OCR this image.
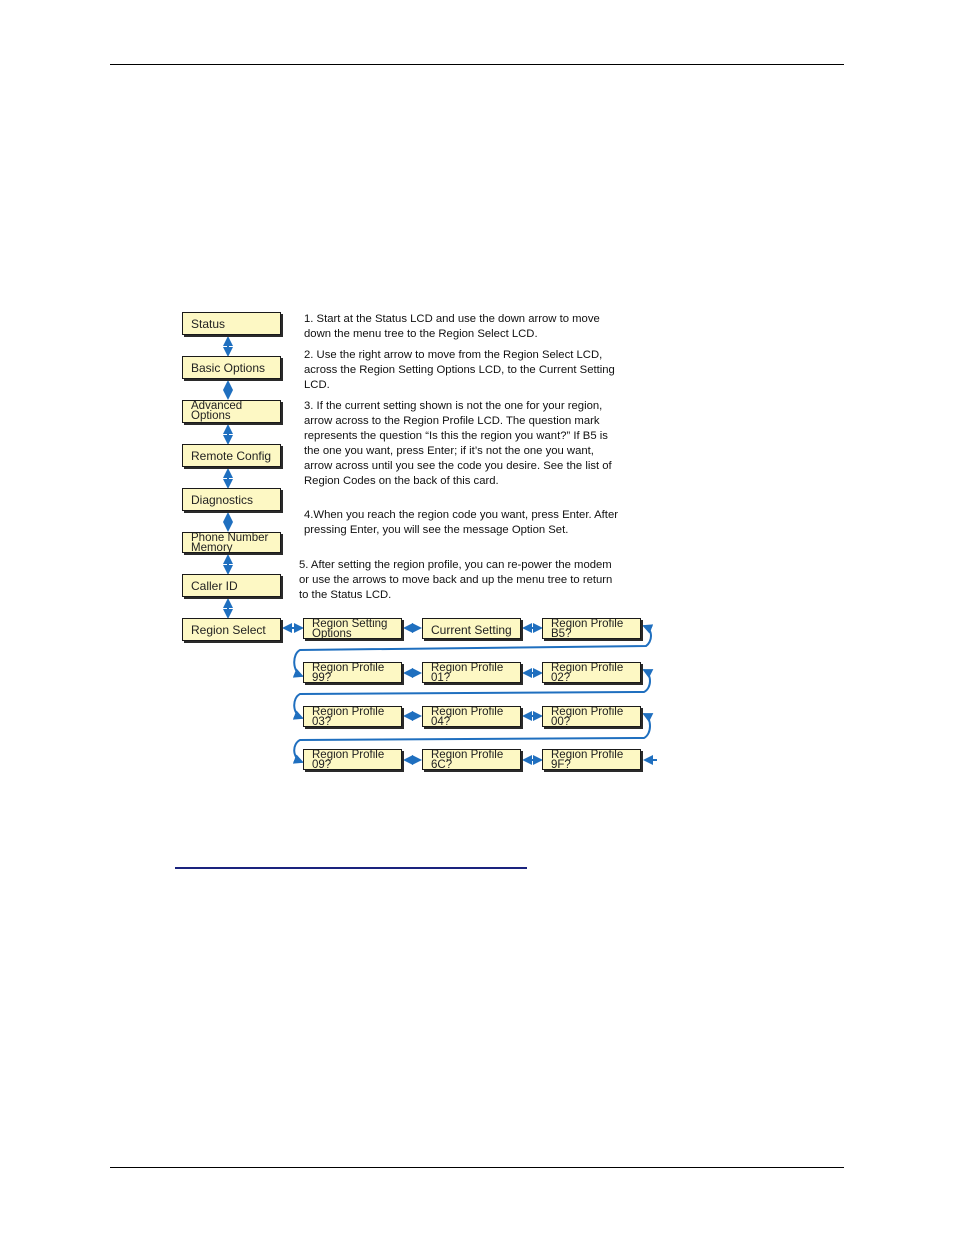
Status
Basic Options
Advanced
Options
Remote Config
Diagnostics
Phone Number
Memory
Caller ID
Region Select	Region Setting
Options	Current Setting	Region Profile
B5?
Region Profile
99?
Region Profile
01?
Region Profile
02?
Region Profile
03?
Region Profile
04?
Region Profile
00?
Region Profile
09?
Region Profile
6C?
Region Profile
9F?
1. Start at the Status LCD and use the down arrow to move down the menu tree to the Region Select LCD.
2. Use the right arrow to move from the Region Select LCD, across the Region Setting Options LCD, to the Current Setting LCD.
3. If the current setting shown is not the one for your region, arrow across to the Region Profile LCD. The question mark represents the question “Is this the region you want?” If B5 is the one you want, press Enter; if it’s not the one you want, arrow across until you see the code you desire. See the list of Region Codes on the back of this card.
4.When you reach the region code you want, press Enter. After pressing Enter, you will see the message Option Set.
5. After setting the region profile, you can re-power the modem or use the arrows to move back and up the menu tree to return to the Status LCD.
